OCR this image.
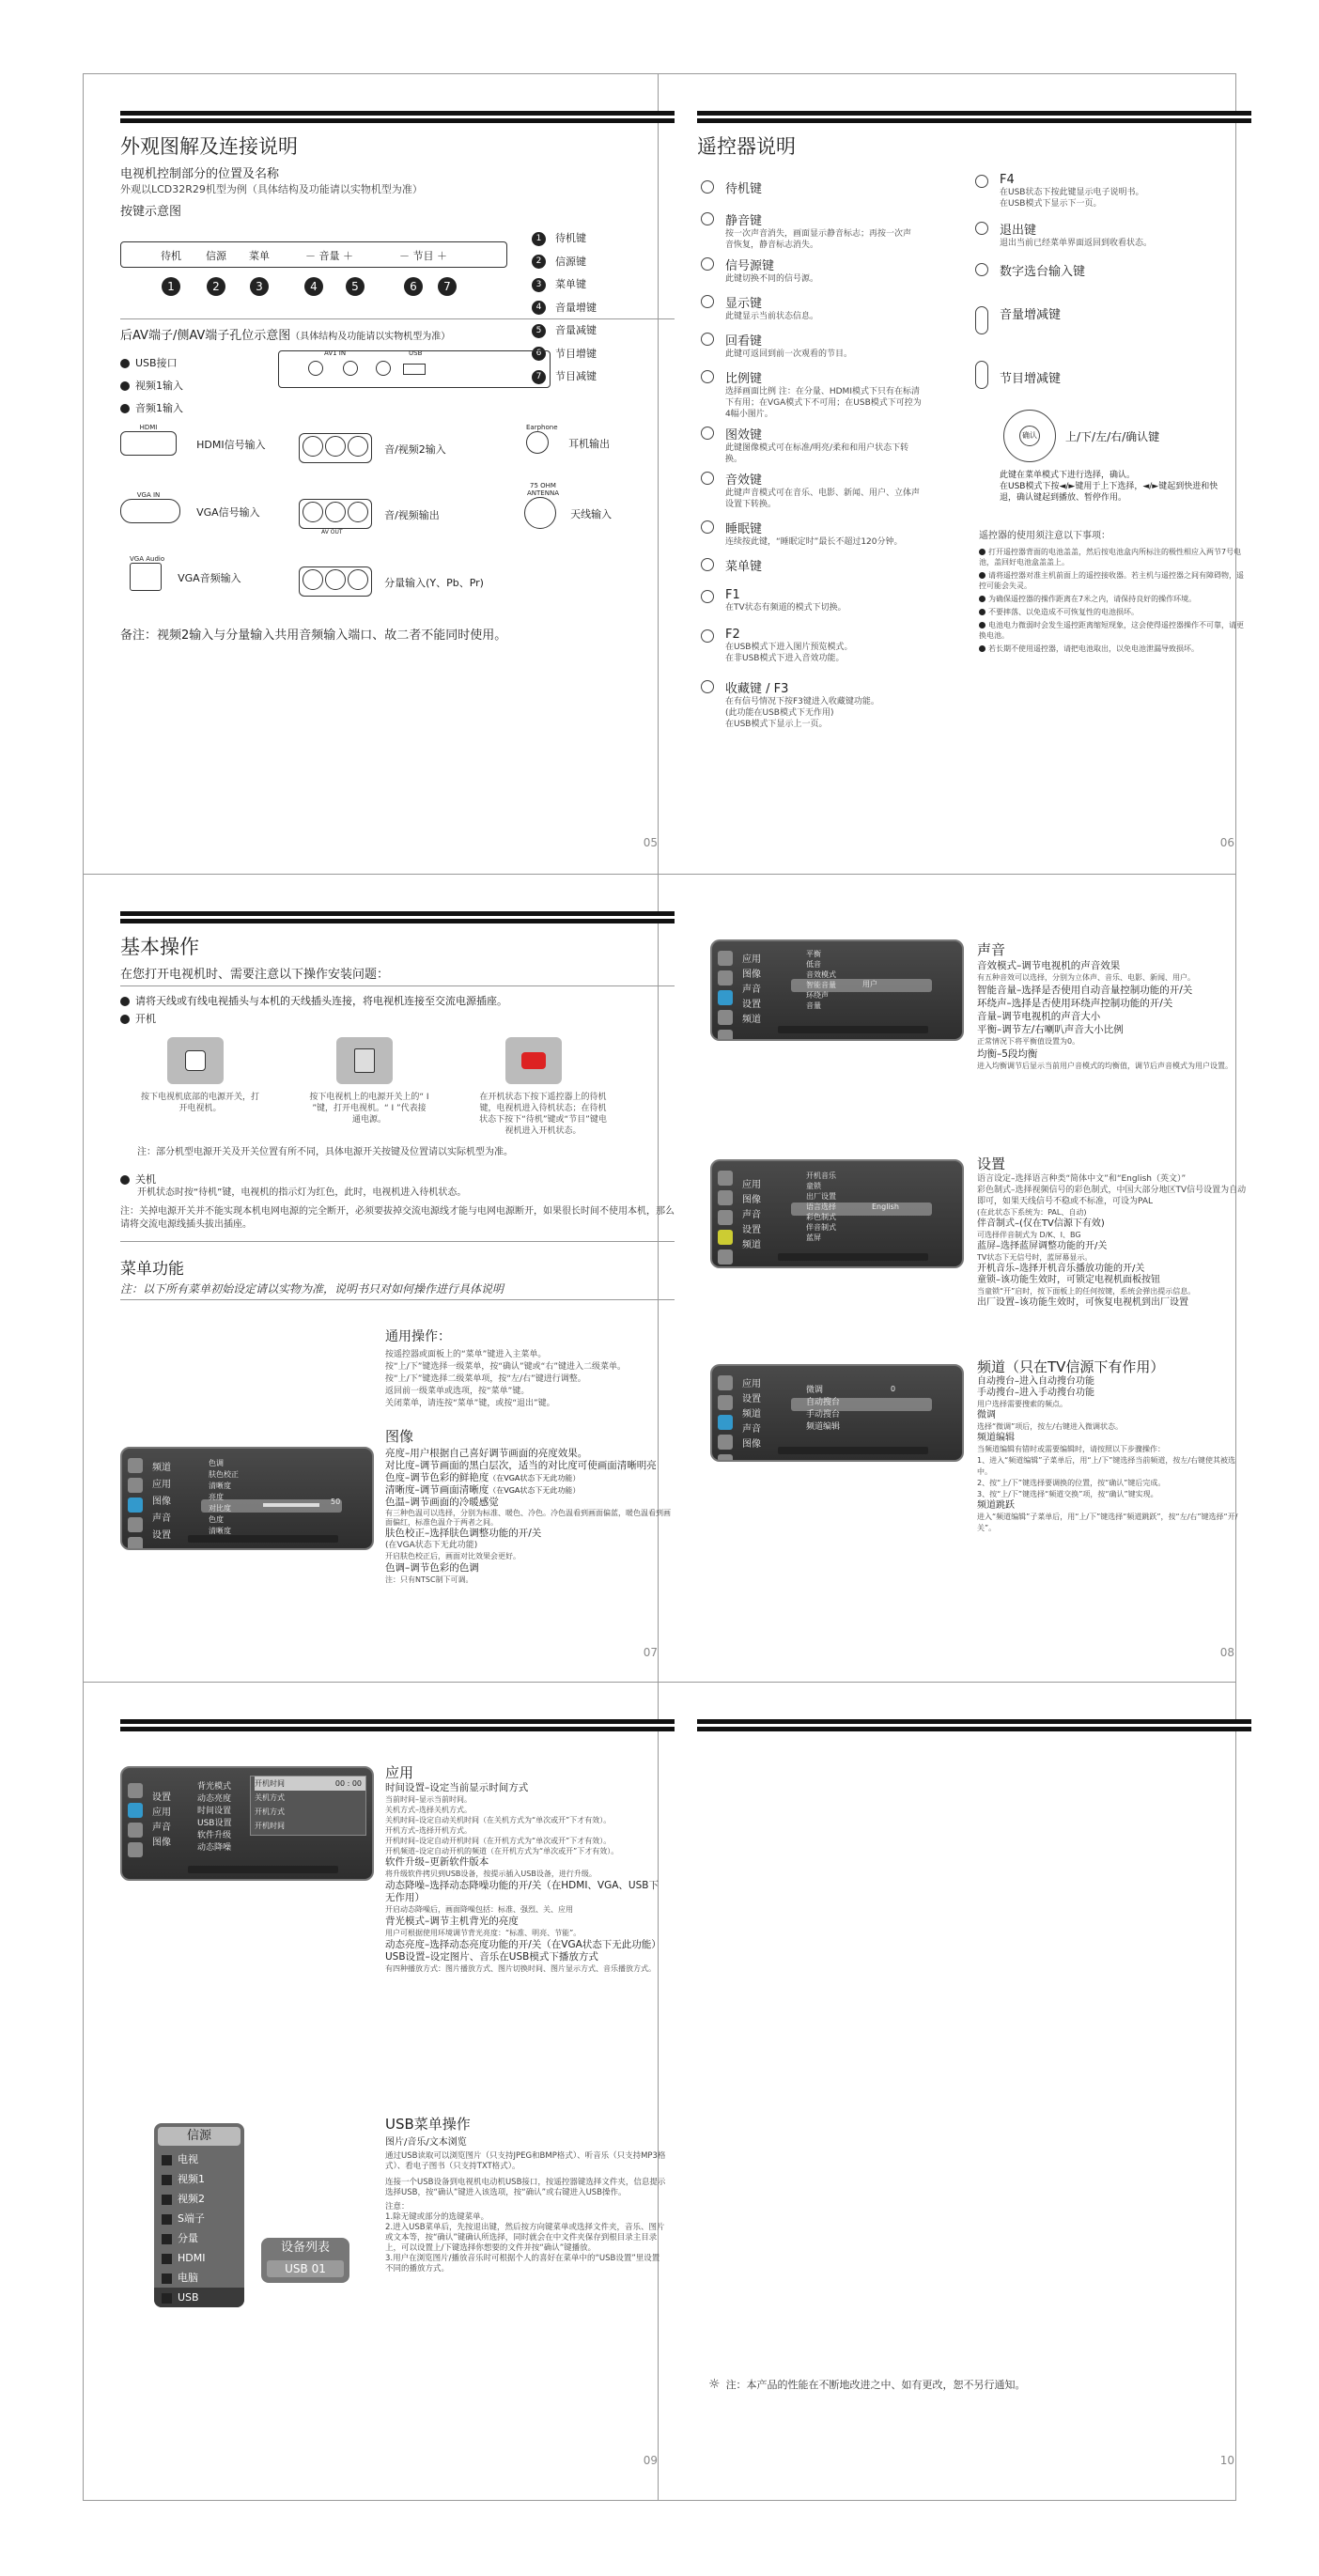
外观图解及连接说明
电视机控制部分的位置及名称
外观以LCD32R29机型为例（具体结构及功能请以实物机型为准）
按键示意图
待机 信源 菜单	－ 音量 ＋	－ 节目 ＋
1	2	3	4	5	6	7
1 待机键
2 信源键
3 菜单键
4 音量增键
5 音量减键
6 节目增键
7 节目减键
后AV端子/侧AV端子孔位示意图（具体结构及功能请以实物机型为准）
USB接口
视频1输入
音频1输入
AV1 IN	USB
HDMI
HDMI信号输入	音/视频2输入
Earphone
耳机输出
VGA IN
VGA信号输入	音/视频输出
AV OUT
75 OHM ANTENNA
天线输入
VGA Audio
VGA音频输入	分量输入(Y、Pb、Pr)
备注：视频2输入与分量输入共用音频输入端口、故二者不能同时使用。
05
遥控器说明
待机键
静音键
按一次声音消失，画面显示静音标志；再按一次声音恢复，静音标志消失。
信号源键
此键切换不同的信号源。
显示键
此键显示当前状态信息。
回看键
此键可返回到前一次观看的节目。
比例键
选择画面比例 注：在分量、HDMI模式下只有在标清下有用；在VGA模式下不可用；在USB模式下可控为4幅小图片。
图效键
此键图像模式可在标准/明亮/柔和和用户状态下转换。
音效键
此键声音模式可在音乐、电影、新闻、用户、立体声设置下转换。
睡眠键
连续按此键，“睡眠定时”最长不超过120分钟。
菜单键
F1
在TV状态有频道的模式下切换。
F2
在USB模式下进入图片预览模式。
在非USB模式下进入音效功能。
收藏键 / F3
在有信号情况下按F3键进入收藏键功能。
(此功能在USB模式下无作用)
在USB模式下显示上一页。
F4
在USB状态下按此键显示电子说明书。
在USB模式下显示下一页。
退出键
退出当前已经菜单界面返回到收看状态。
数字选台输入键
音量增减键
节目增减键
确认	上/下/左/右/确认键
此键在菜单模式下进行选择，确认。
在USB模式下按◄/►键用于上下选择，◄/►键起到快进和快退，确认键起到播放、暂停作用。
遥控器的使用须注意以下事项：
打开遥控器背面的电池盖盖，然后按电池盒内所标注的极性相应入两节7号电池，盖回好电池盒盖盖上。
请将遥控器对准主机前面上的遥控接收器。若主机与遥控器之间有障碍物，遥控可能会失灵。
为确保遥控器的操作距离在7米之内，请保持良好的操作环境。
不要摔落、以免造成不可恢复性的电池损坏。
电池电力微弱时会发生遥控距离缩短现象，这会使得遥控器操作不可靠，请更换电池。
若长期不使用遥控器，请把电池取出，以免电池泄漏导致损坏。
06
基本操作
在您打开电视机时、需要注意以下操作安装问题：
请将天线或有线电视插头与本机的天线插头连接，将电视机连接至交流电源插座。
开机
按下电视机底部的电源开关，打开电视机。
按下电视机上的电源开关上的“ I ”键，打开电视机。“ I ”代表接通电源。
在开机状态下按下遥控器上的待机键，电视机进入待机状态；在待机状态下按下“待机”键或“节目”键电视机进入开机状态。
注：部分机型电源开关及开关位置有所不同，具体电源开关按键及位置请以实际机型为准。
关机
开机状态时按“待机”键，电视机的指示灯为红色，此时，电视机进入待机状态。
注：关掉电源开关并不能实现本机电网电源的完全断开，必须要拔掉交流电源线才能与电网电源断开，如果很长时间不使用本机，那么请将交流电源线插头拔出插座。
菜单功能
注：以下所有菜单初始设定请以实物为准，说明书只对如何操作进行具体说明
通用操作：
按遥控器或面板上的“菜单”键进入主菜单。
按“上/下”键选择一级菜单，按“确认”键或“右”键进入二级菜单。
按“上/下”键选择二级菜单项，按“左/右”键进行调整。
返回前一级菜单或选项，按“菜单”键。
关闭菜单，请连按“菜单”键，或按“退出”键。
频道
应用
图像
声音
设置
色调
肤色校正
清晰度
亮度
对比度
色度
清晰度
50
图像
亮度–用户根据自己喜好调节画面的亮度效果。
对比度–调节画面的黑白层次，适当的对比度可使画面清晰明亮
色度–调节色彩的鲜艳度（在VGA状态下无此功能）
清晰度–调节画面清晰度（在VGA状态下无此功能）
色温–调节画面的冷暖感觉
有三种色温可以选择，分别为标准、暖色、冷色。冷色温看到画面偏蓝，暖色温看到画面偏红，标准色温介于两者之间。
肤色校正–选择肤色调整功能的开/关
(在VGA状态下无此功能)
开启肤色校正后，画面对比效果会更好。
色调–调节色彩的色调
注：只有NTSC制下可调。
07
应用
图像
声音
设置
频道
平衡
低音
音效模式
智能音量
环绕声
音量
用户
声音
音效模式–调节电视机的声音效果
有五种音效可以选择，分别为立体声、音乐、电影、新闻、用户。
智能音量–选择是否使用自动音量控制功能的开/关
环绕声–选择是否使用环绕声控制功能的开/关
音量–调节电视机的声音大小
平衡–调节左/右喇叭声音大小比例
正常情况下将平衡值设置为0。
均衡–5段均衡
进入均衡调节后显示当前用户音模式的均衡值，调节后声音模式为用户设置。
应用
图像
声音
设置
频道
开机音乐
童锁
出厂设置
语言选择
彩色制式
伴音制式
蓝屏
English
设置
语言设定–选择语言种类“简体中文”和“English（英文）”
彩色制式–选择视频信号的彩色制式，中国大部分地区TV信号设置为自动即可，如果天线信号不稳或不标准，可设为PAL
(在此状态下系统为：PAL、自动)
伴音制式–(仅在TV信源下有效)
可选择伴音制式为 D/K、I、BG
蓝屏–选择蓝屏调整功能的开/关
TV状态下无信号时，蓝屏幕显示。
开机音乐–选择开机音乐播放功能的开/关
童锁–该功能生效时，可锁定电视机面板按钮
当童锁“开”启时，按下面板上的任何按键，系统会弹出提示信息。
出厂设置–该功能生效时，可恢复电视机到出厂设置
应用
设置
频道
声音
图像
微调
自动搜台
手动搜台
频道编辑
0
频道（只在TV信源下有作用）
自动搜台–进入自动搜台功能
手动搜台–进入手动搜台功能
用户选择需要搜索的频点。
微调
选择“微调”项后，按左/右键进入微调状态。
频道编辑
当频道编辑有错时或需要编辑时，请按照以下步骤操作：
1、进入“频道编辑”子菜单后，用“上/下”键选择当前频道，按左/右键使其被选中。
2、按“上/下”键选择要调换的位置，按“确认”键后完成。
3、按“上/下”键选择“频道交换”项，按“确认”键实现。
频道跳跃
进入“频道编辑”子菜单后，用“上/下”键选择“频道跳跃”，按“左/右”键选择“开/关”。
08
设置
应用
声音
图像
背光模式
动态亮度
时间设置
USB设置
软件升级
动态降噪
开机时间	00 : 00
关机方式
开机方式
开机时间
应用
时间设置–设定当前显示时间方式
当前时间–显示当前时间。
关机方式–选择关机方式。
关机时间–设定自动关机时间（在关机方式为“单次或开”下才有效）。
开机方式–选择开机方式。
开机时间–设定自动开机时间（在开机方式为“单次或开”下才有效）。
开机频道–设定自动开机的频道（在开机方式为“单次或开”下才有效）。
软件升级–更新软件版本
将升级软件拷贝到USB设备，按提示插入USB设备，进行升级。
动态降噪–选择动态降噪功能的开/关（在HDMI、VGA、USB下无作用）
开启动态降噪后，画面降噪包括：标准、强烈、关、应用
背光模式–调节主机背光的亮度
用户可根据使用环境调节背光亮度：“标准、明亮、节能”。
动态亮度–选择动态亮度功能的开/关（在VGA状态下无此功能）
USB设置–设定图片、音乐在USB模式下播放方式
有四种播放方式：图片播放方式、图片切换时间、图片显示方式、音乐播放方式。
信源
电视
视频1
视频2
S端子
分量
HDMI
电脑
USB
设备列表
USB 01
USB菜单操作
图片/音乐/文本浏览
通过USB读取可以浏览图片（只支持JPEG和BMP格式）、听音乐（只支持MP3格式）、看电子图书（只支持TXT格式）。
连接一个USB设备到电视机电动机USB接口，按遥控器键选择文件夹，信息提示选择USB，按“确认”键进入该选项，按“确认”或右键进入USB操作。
注意：
1.除无键或部分的选键菜单。
2.进入USB菜单后，先按退出键，然后按方向键菜单或选择文件夹，音乐、图片或文本等，按“确认”键确认所选择，同时就会在中文件夹保存到根目录主目录上，可以设置上/下键选择你想要的文件并按“确认”键播放。
3.用户在浏览图片/播放音乐时可根据个人的喜好在菜单中的“USB设置”里设置不同的播放方式。
09
☼ 注：本产品的性能在不断地改进之中、如有更改，恕不另行通知。
10
